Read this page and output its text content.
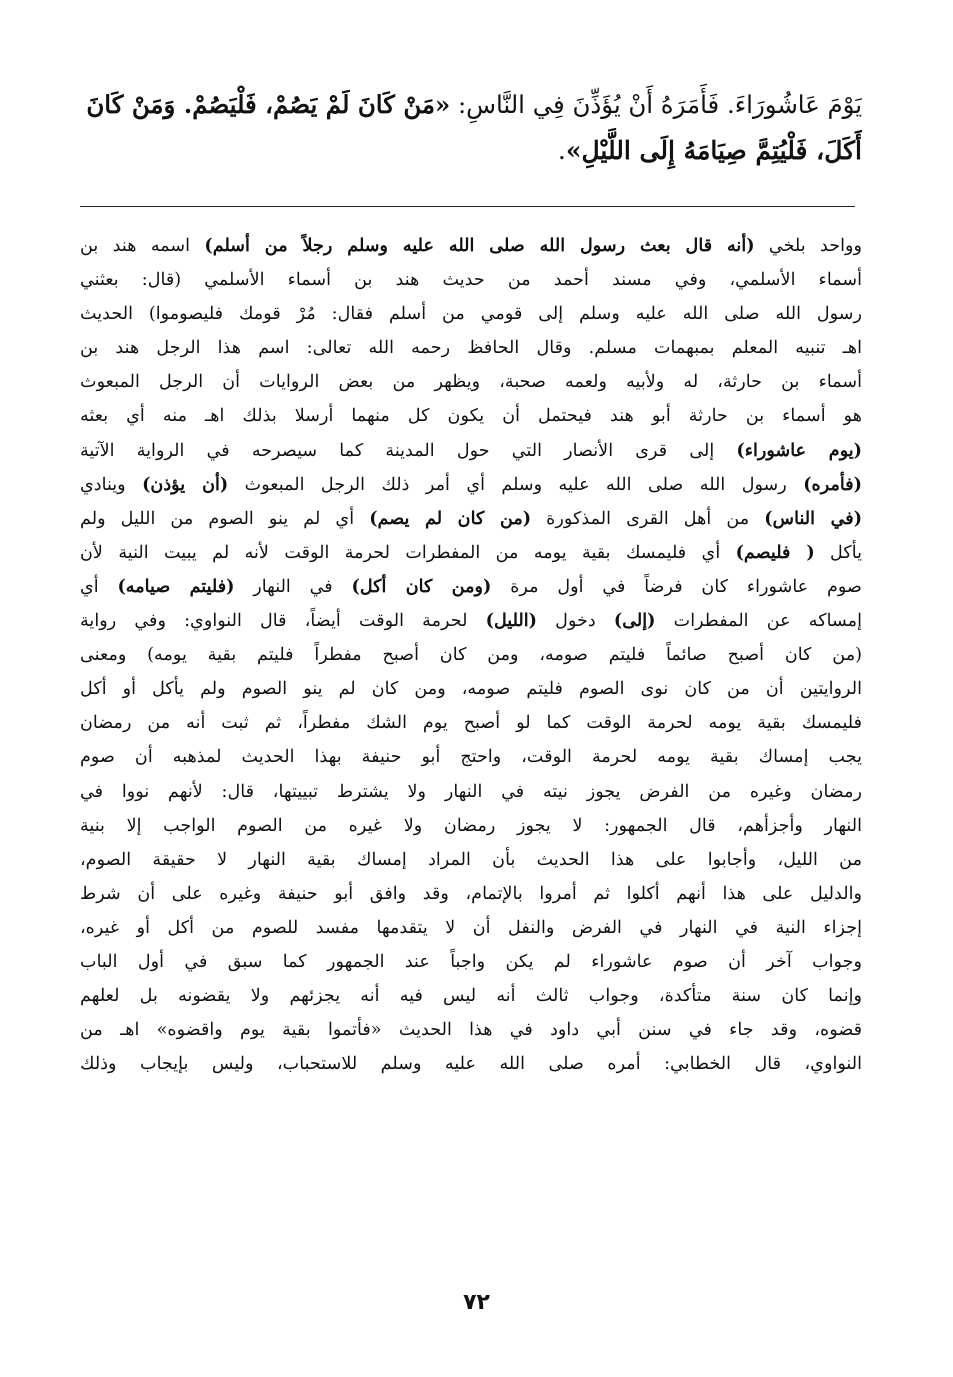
يَوْمَ عَاشُورَاءَ. فَأَمَرَهُ أَنْ يُؤَذِّنَ فِي النَّاسِ: «مَنْ كَانَ لَمْ يَصُمْ، فَلْيَصُمْ. وَمَنْ كَانَ
أَكَلَ، فَلْيُتِمَّ صِيَامَهُ إِلَى اللَّيْلِ».
وواحد بلخي (أنه قال بعث رسول الله صلى الله عليه وسلم رجلاً من أسلم) اسمه هند بن
أسماء الأسلمي، وفي مسند أحمد من حديث هند بن أسماء الأسلمي (قال: بعثني
رسول الله صلى الله عليه وسلم إلى قومي من أسلم فقال: مُرْ قومك فليصوموا) الحديث
اهـ تنبيه المعلم بمبهمات مسلم. وقال الحافظ رحمه الله تعالى: اسم هذا الرجل هند بن
أسماء بن حارثة، له ولأبيه ولعمه صحبة، ويظهر من بعض الروايات أن الرجل المبعوث
هو أسماء بن حارثة أبو هند فيحتمل أن يكون كل منهما أرسلا بذلك اهـ منه أي بعثه
(يوم عاشوراء) إلى قرى الأنصار التي حول المدينة كما سيصرحه في الرواية الآتية
(فأمره) رسول الله صلى الله عليه وسلم أي أمر ذلك الرجل المبعوث (أن يؤذن) وينادي
(في الناس) من أهل القرى المذكورة (من كان لم يصم) أي لم ينو الصوم من الليل ولم
يأكل ( فليصم) أي فليمسك بقية يومه من المفطرات لحرمة الوقت لأنه لم يبيت النية لأن
صوم عاشوراء كان فرضاً في أول مرة (ومن كان أكل) في النهار (فليتم صيامه) أي
إمساكه عن المفطرات (إلى) دخول (الليل) لحرمة الوقت أيضاً، قال النواوي: وفي رواية
(من كان أصبح صائماً فليتم صومه، ومن كان أصبح مفطراً فليتم بقية يومه) ومعنى
الروايتين أن من كان نوى الصوم فليتم صومه، ومن كان لم ينو الصوم ولم يأكل أو أكل
فليمسك بقية يومه لحرمة الوقت كما لو أصبح يوم الشك مفطراً، ثم ثبت أنه من رمضان
يجب إمساك بقية يومه لحرمة الوقت، واحتج أبو حنيفة بهذا الحديث لمذهبه أن صوم
رمضان وغيره من الفرض يجوز نيته في النهار ولا يشترط تبييتها، قال: لأنهم نووا في
النهار وأجزأهم، قال الجمهور: لا يجوز رمضان ولا غيره من الصوم الواجب إلا بنية
من الليل، وأجابوا على هذا الحديث بأن المراد إمساك بقية النهار لا حقيقة الصوم،
والدليل على هذا أنهم أكلوا ثم أمروا بالإتمام، وقد وافق أبو حنيفة وغيره على أن شرط
إجزاء النية في النهار في الفرض والنفل أن لا يتقدمها مفسد للصوم من أكل أو غيره،
وجواب آخر أن صوم عاشوراء لم يكن واجباً عند الجمهور كما سبق في أول الباب
وإنما كان سنة متأكدة، وجواب ثالث أنه ليس فيه أنه يجزئهم ولا يقضونه بل لعلهم
قضوه، وقد جاء في سنن أبي داود في هذا الحديث «فأتموا بقية يوم واقضوه» اهـ من
النواوي، قال الخطابي: أمره صلى الله عليه وسلم للاستحباب، وليس بإيجاب وذلك
٧٢
